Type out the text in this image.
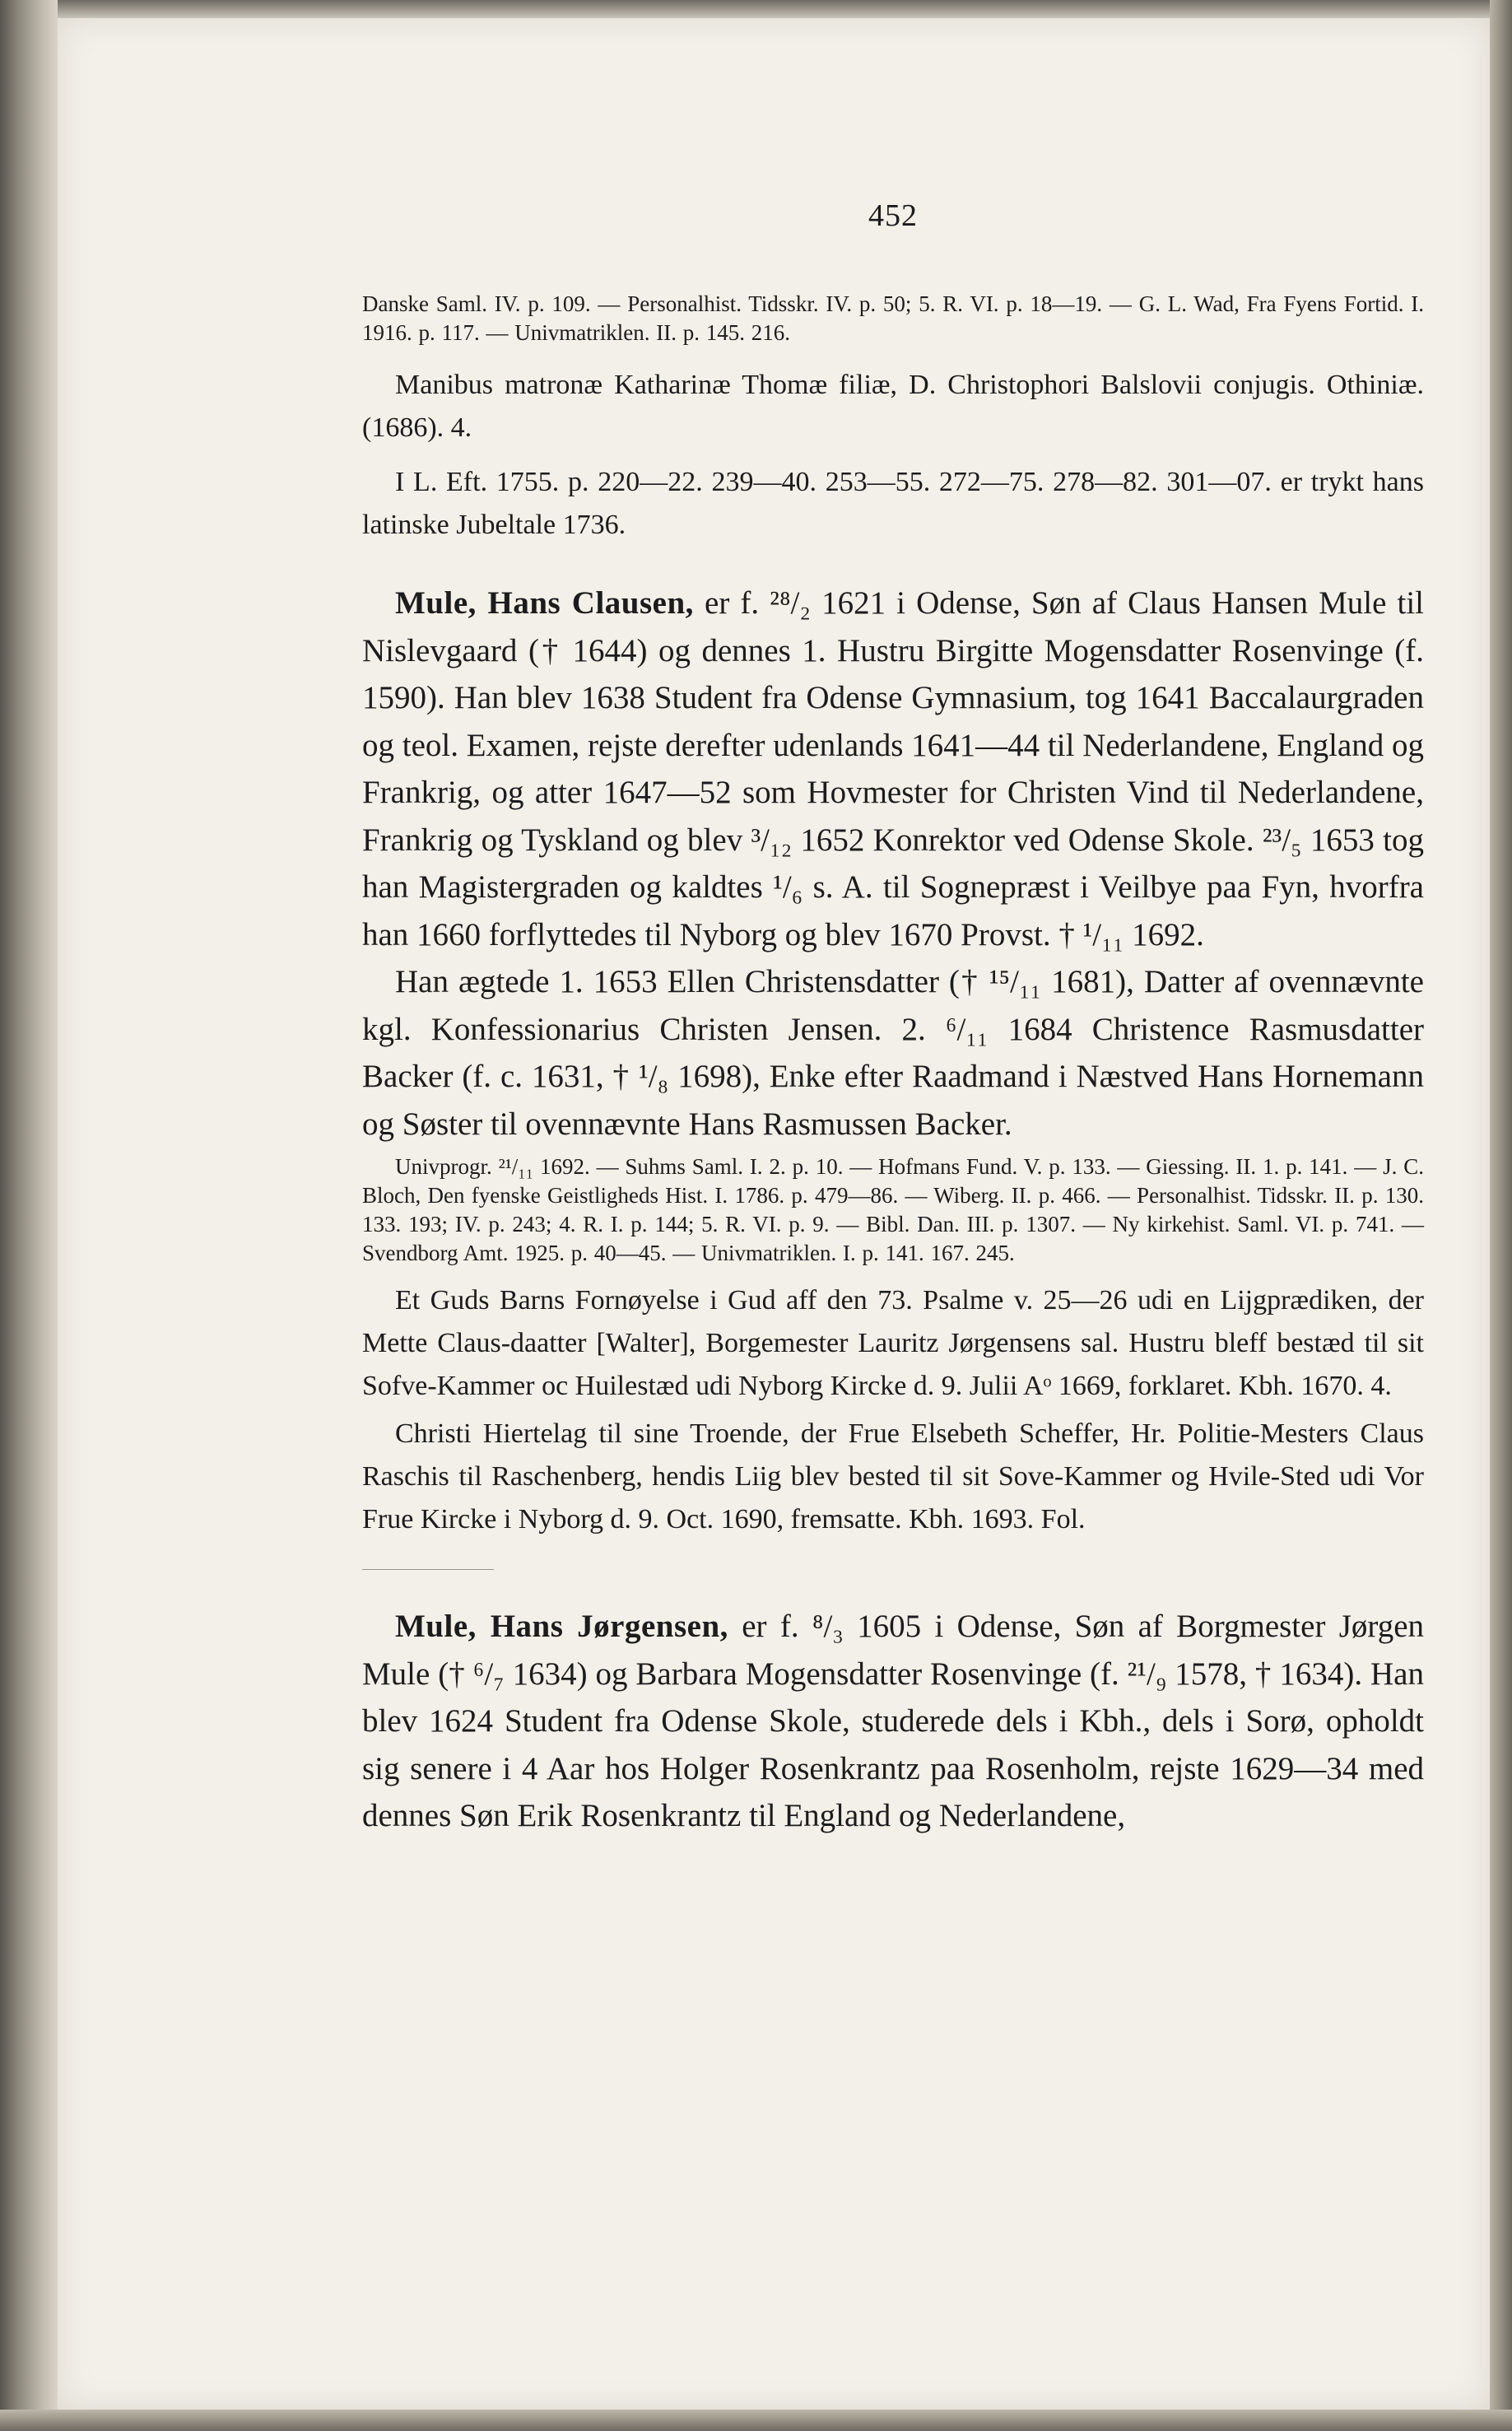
452

Danske Saml. IV. p. 109. — Personalhist. Tidsskr. IV. p. 50; 5. R. VI. p. 18—19. — G. L. Wad, Fra Fyens Fortid. I. 1916. p. 117. — Univmatriklen. II. p. 145. 216.

Manibus matronæ Katharinæ Thomæ filiæ, D. Christophori Balslovii conjugis. Othiniæ. (1686). 4.

I L. Eft. 1755. p. 220—22. 239—40. 253—55. 272—75. 278—82. 301—07. er trykt hans latinske Jubeltale 1736.

Mule, Hans Clausen, er f. ²⁸/₂ 1621 i Odense, Søn af Claus Hansen Mule til Nislevgaard († 1644) og dennes 1. Hustru Birgitte Mogensdatter Rosenvinge (f. 1590). Han blev 1638 Student fra Odense Gymnasium, tog 1641 Baccalaurgraden og teol. Examen, rejste derefter udenlands 1641—44 til Nederlandene, England og Frankrig, og atter 1647—52 som Hovmester for Christen Vind til Nederlandene, Frankrig og Tyskland og blev ³/₁₂ 1652 Konrektor ved Odense Skole. ²³/₅ 1653 tog han Magistergraden og kaldtes ¹/₆ s. A. til Sognepræst i Veilbye paa Fyn, hvorfra han 1660 forflyttedes til Nyborg og blev 1670 Provst. † ¹/₁₁ 1692.

Han ægtede 1. 1653 Ellen Christensdatter († ¹⁵/₁₁ 1681), Datter af ovennævnte kgl. Konfessionarius Christen Jensen. 2. ⁶/₁₁ 1684 Christence Rasmusdatter Backer (f. c. 1631, † ¹/₈ 1698), Enke efter Raadmand i Næstved Hans Hornemann og Søster til ovennævnte Hans Rasmussen Backer.

Univprogr. ²¹/₁₁ 1692. — Suhms Saml. I. 2. p. 10. — Hofmans Fund. V. p. 133. — Giessing. II. 1. p. 141. — J. C. Bloch, Den fyenske Geistligheds Hist. I. 1786. p. 479—86. — Wiberg. II. p. 466. — Personalhist. Tidsskr. II. p. 130. 133. 193; IV. p. 243; 4. R. I. p. 144; 5. R. VI. p. 9. — Bibl. Dan. III. p. 1307. — Ny kirkehist. Saml. VI. p. 741. — Svendborg Amt. 1925. p. 40—45. — Univmatriklen. I. p. 141. 167. 245.

Et Guds Barns Fornøyelse i Gud aff den 73. Psalme v. 25—26 udi en Lijgprædiken, der Mette Claus-daatter [Walter], Borgemester Lauritz Jørgensens sal. Hustru bleff bestæd til sit Sofve-Kammer oc Huilestæd udi Nyborg Kircke d. 9. Julii Aᵒ 1669, forklaret. Kbh. 1670. 4.

Christi Hiertelag til sine Troende, der Frue Elsebeth Scheffer, Hr. Politie-Mesters Claus Raschis til Raschenberg, hendis Liig blev bested til sit Sove-Kammer og Hvile-Sted udi Vor Frue Kircke i Nyborg d. 9. Oct. 1690, fremsatte. Kbh. 1693. Fol.

Mule, Hans Jørgensen, er f. ⁸/₃ 1605 i Odense, Søn af Borgmester Jørgen Mule († ⁶/₇ 1634) og Barbara Mogensdatter Rosenvinge (f. ²¹/₉ 1578, † 1634). Han blev 1624 Student fra Odense Skole, studerede dels i Kbh., dels i Sorø, opholdt sig senere i 4 Aar hos Holger Rosenkrantz paa Rosenholm, rejste 1629—34 med dennes Søn Erik Rosenkrantz til England og Nederlandene,
